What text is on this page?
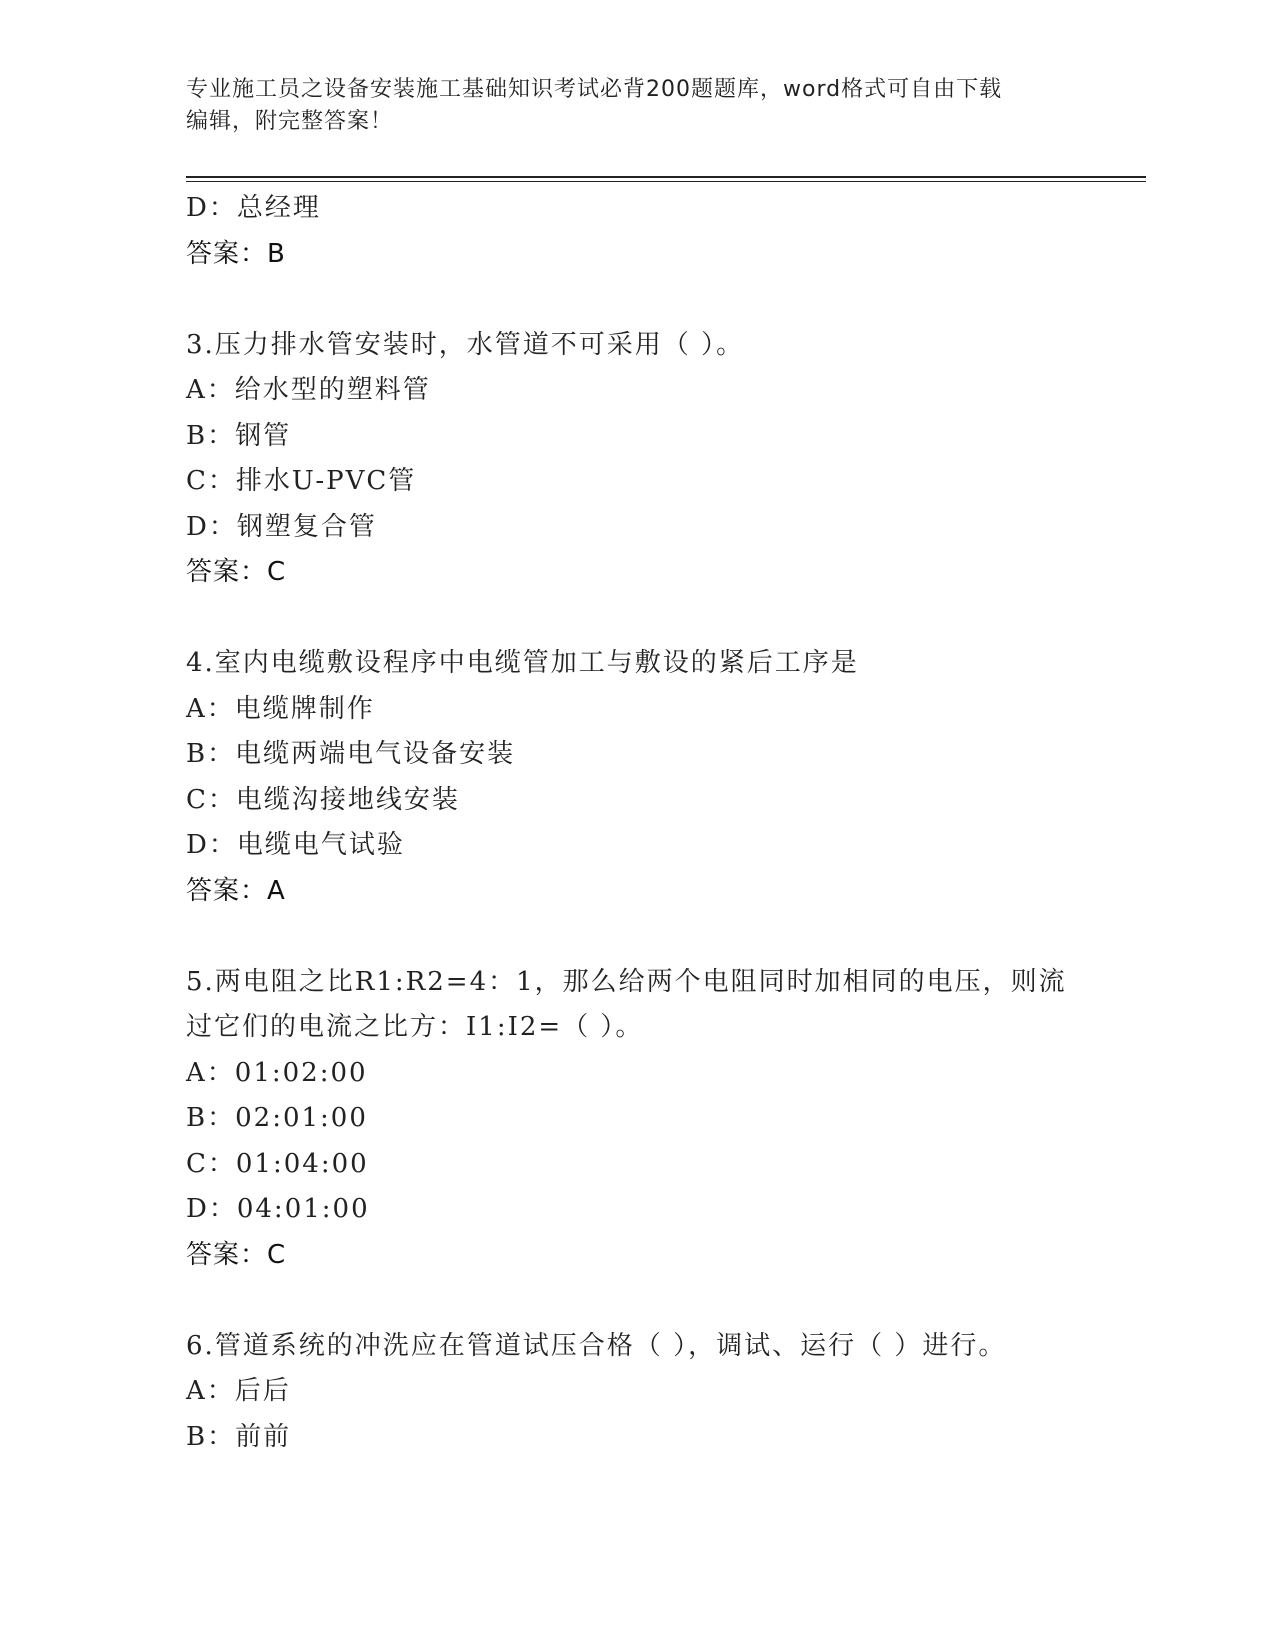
专业施工员之设备安装施工基础知识考试必背200题题库，word格式可自由下载
编辑，附完整答案！
D：总经理
答案：B
3.压力排水管安装时，水管道不可采用（ ）。
A：给水型的塑料管
B：钢管
C：排水U-PVC管
D：钢塑复合管
答案：C
4.室内电缆敷设程序中电缆管加工与敷设的紧后工序是
A：电缆牌制作
B：电缆两端电气设备安装
C：电缆沟接地线安装
D：电缆电气试验
答案：A
5.两电阻之比R1:R2=4：1，那么给两个电阻同时加相同的电压，则流
过它们的电流之比方：I1:I2=（ ）。
A：01:02:00
B：02:01:00
C：01:04:00
D：04:01:00
答案：C
6.管道系统的冲洗应在管道试压合格（ ），调试、运行（ ）进行。
A：后后
B：前前
